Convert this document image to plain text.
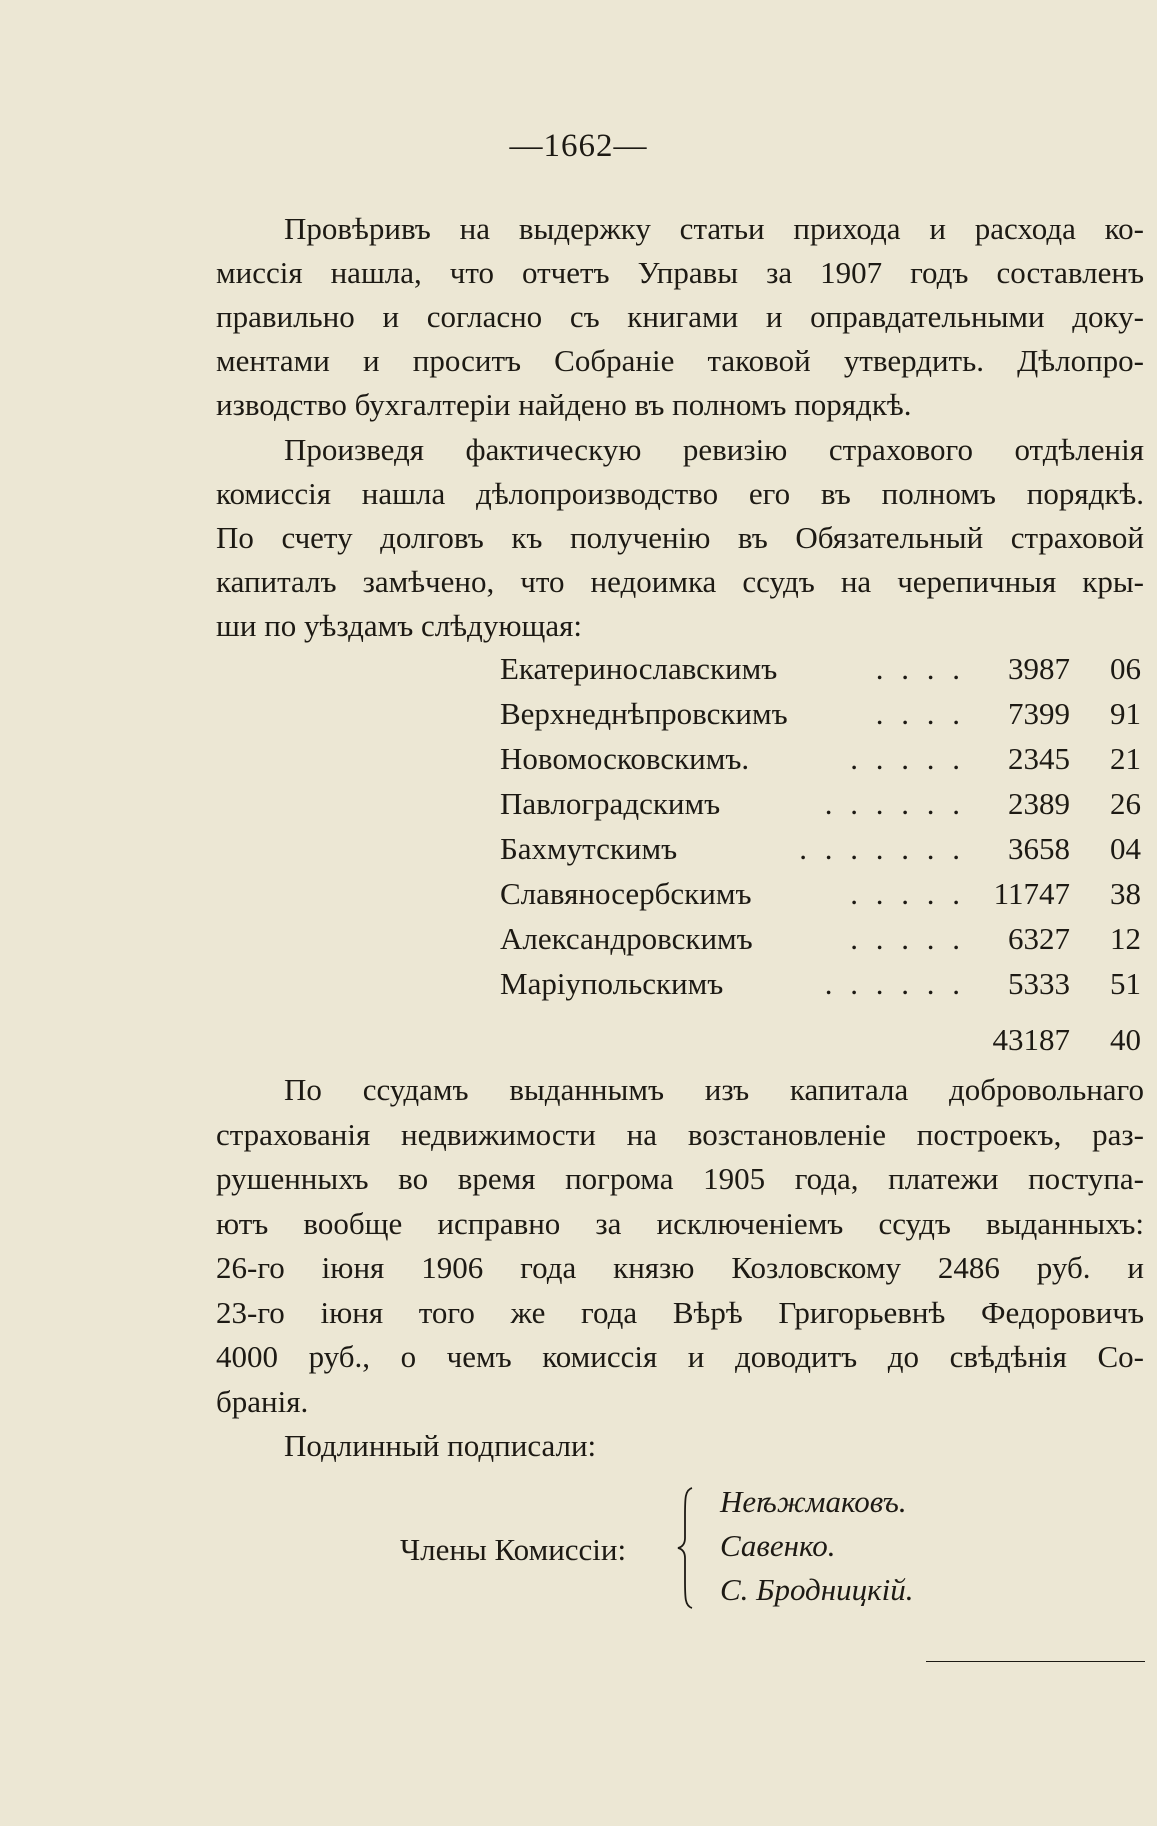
—1662—
Провѣривъ на выдержку статьи прихода и расхода ко-
миссія нашла, что отчетъ Управы за 1907 годъ составленъ
правильно и согласно съ книгами и оправдательными доку-
ментами и проситъ Собраніе таковой утвердить. Дѣлопро-
изводство бухгалтеріи найдено въ полномъ порядкѣ.
Произведя фактическую ревизію страхового отдѣленія
комиссія нашла дѣлопроизводство его въ полномъ порядкѣ.
По счету долговъ къ полученію въ Обязательный страховой
капиталъ замѣчено, что недоимка ссудъ на черепичныя кры-
ши по уѣздамъ слѣдующая:
Екатеринославскимъ	. . . . 3987 06
Верхнеднѣпровскимъ	. . . . 7399 91
Новомосковскимъ.	. . . . . 2345 21
Павлоградскимъ	. . . . . . 2389 26
Бахмутскимъ	. . . . . . . 3658 04
Славяносербскимъ	. . . . . 11747 38
Александровскимъ	. . . . . 6327 12
Маріупольскимъ	. . . . . . 5333 51
43187 40
По ссудамъ выданнымъ изъ капитала добровольнаго
страхованія недвижимости на возстановленіе построекъ, раз-
рушенныхъ во время погрома 1905 года, платежи поступа-
ютъ вообще исправно за исключеніемъ ссудъ выданныхъ:
26-го іюня 1906 года князю Козловскому 2486 руб. и
23-го іюня того же года Вѣрѣ Григорьевнѣ Федоровичъ
4000 руб., о чемъ комиссія и доводитъ до свѣдѣнія Со-
бранія.
Подлинный подписали:
Члены Комиссіи:
Неѣжмаковъ.
Савенко.
С. Бродницкій.
